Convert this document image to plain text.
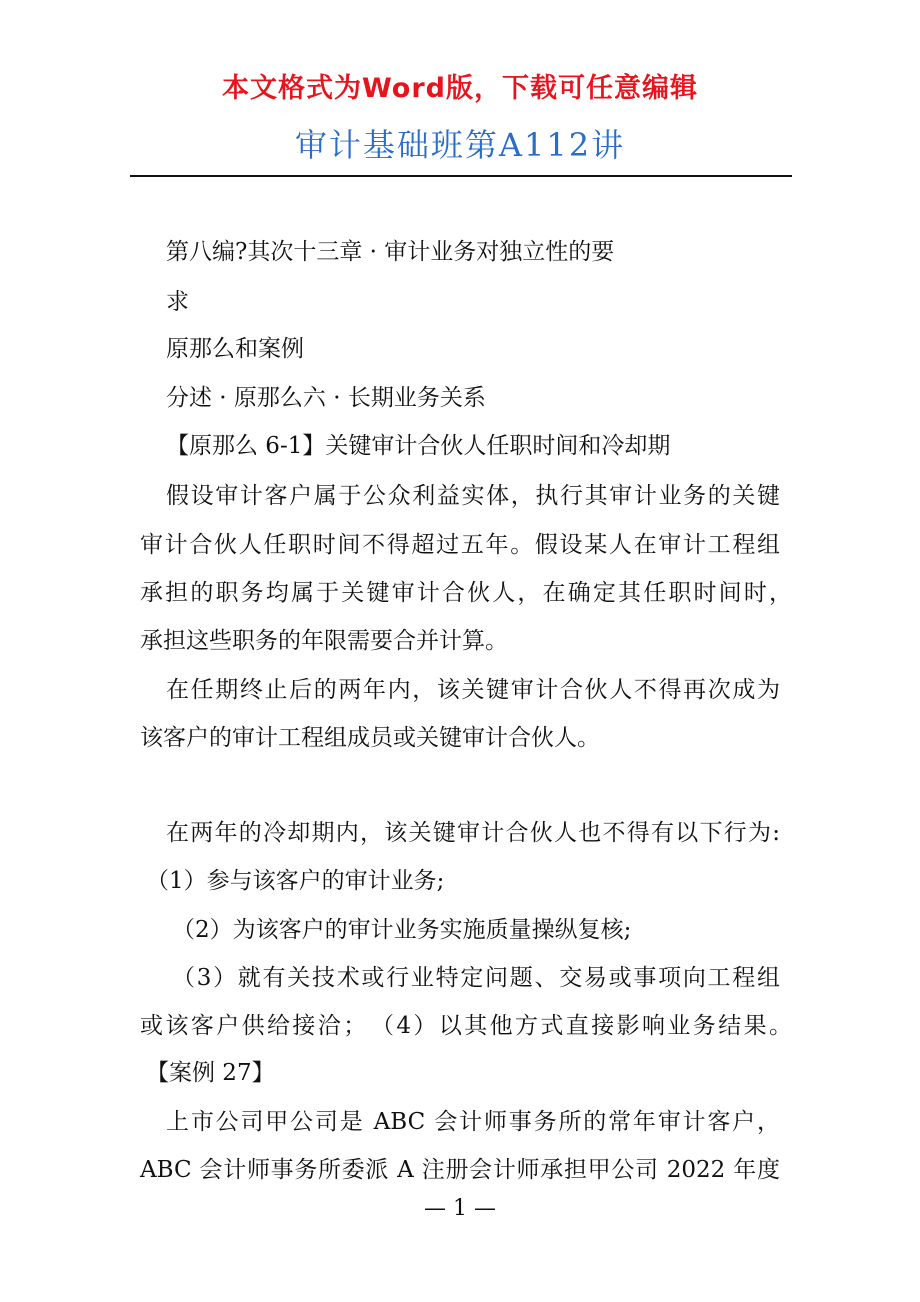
本文格式为Word版，下载可任意编辑
审计基础班第A112讲
第八编?其次十三章 · 审计业务对独立性的要
求
原那么和案例
分述 · 原那么六 · 长期业务关系
【原那么 6-1】关键审计合伙人任职时间和冷却期
假设审计客户属于公众利益实体，执行其审计业务的关键
审计合伙人任职时间不得超过五年。假设某人在审计工程组
承担的职务均属于关键审计合伙人，在确定其任职时间时，
承担这些职务的年限需要合并计算。
在任期终止后的两年内，该关键审计合伙人不得再次成为
该客户的审计工程组成员或关键审计合伙人。
在两年的冷却期内，该关键审计合伙人也不得有以下行为:
（1）参与该客户的审计业务;
（2）为该客户的审计业务实施质量操纵复核;
（3）就有关技术或行业特定问题、交易或事项向工程组
或该客户供给接洽；　（4）以其他方式直接影响业务结果。
【案例 27】
上市公司甲公司是 ABC 会计师事务所的常年审计客户，
ABC 会计师事务所委派 A 注册会计师承担甲公司 2022 年度
— 1 —
